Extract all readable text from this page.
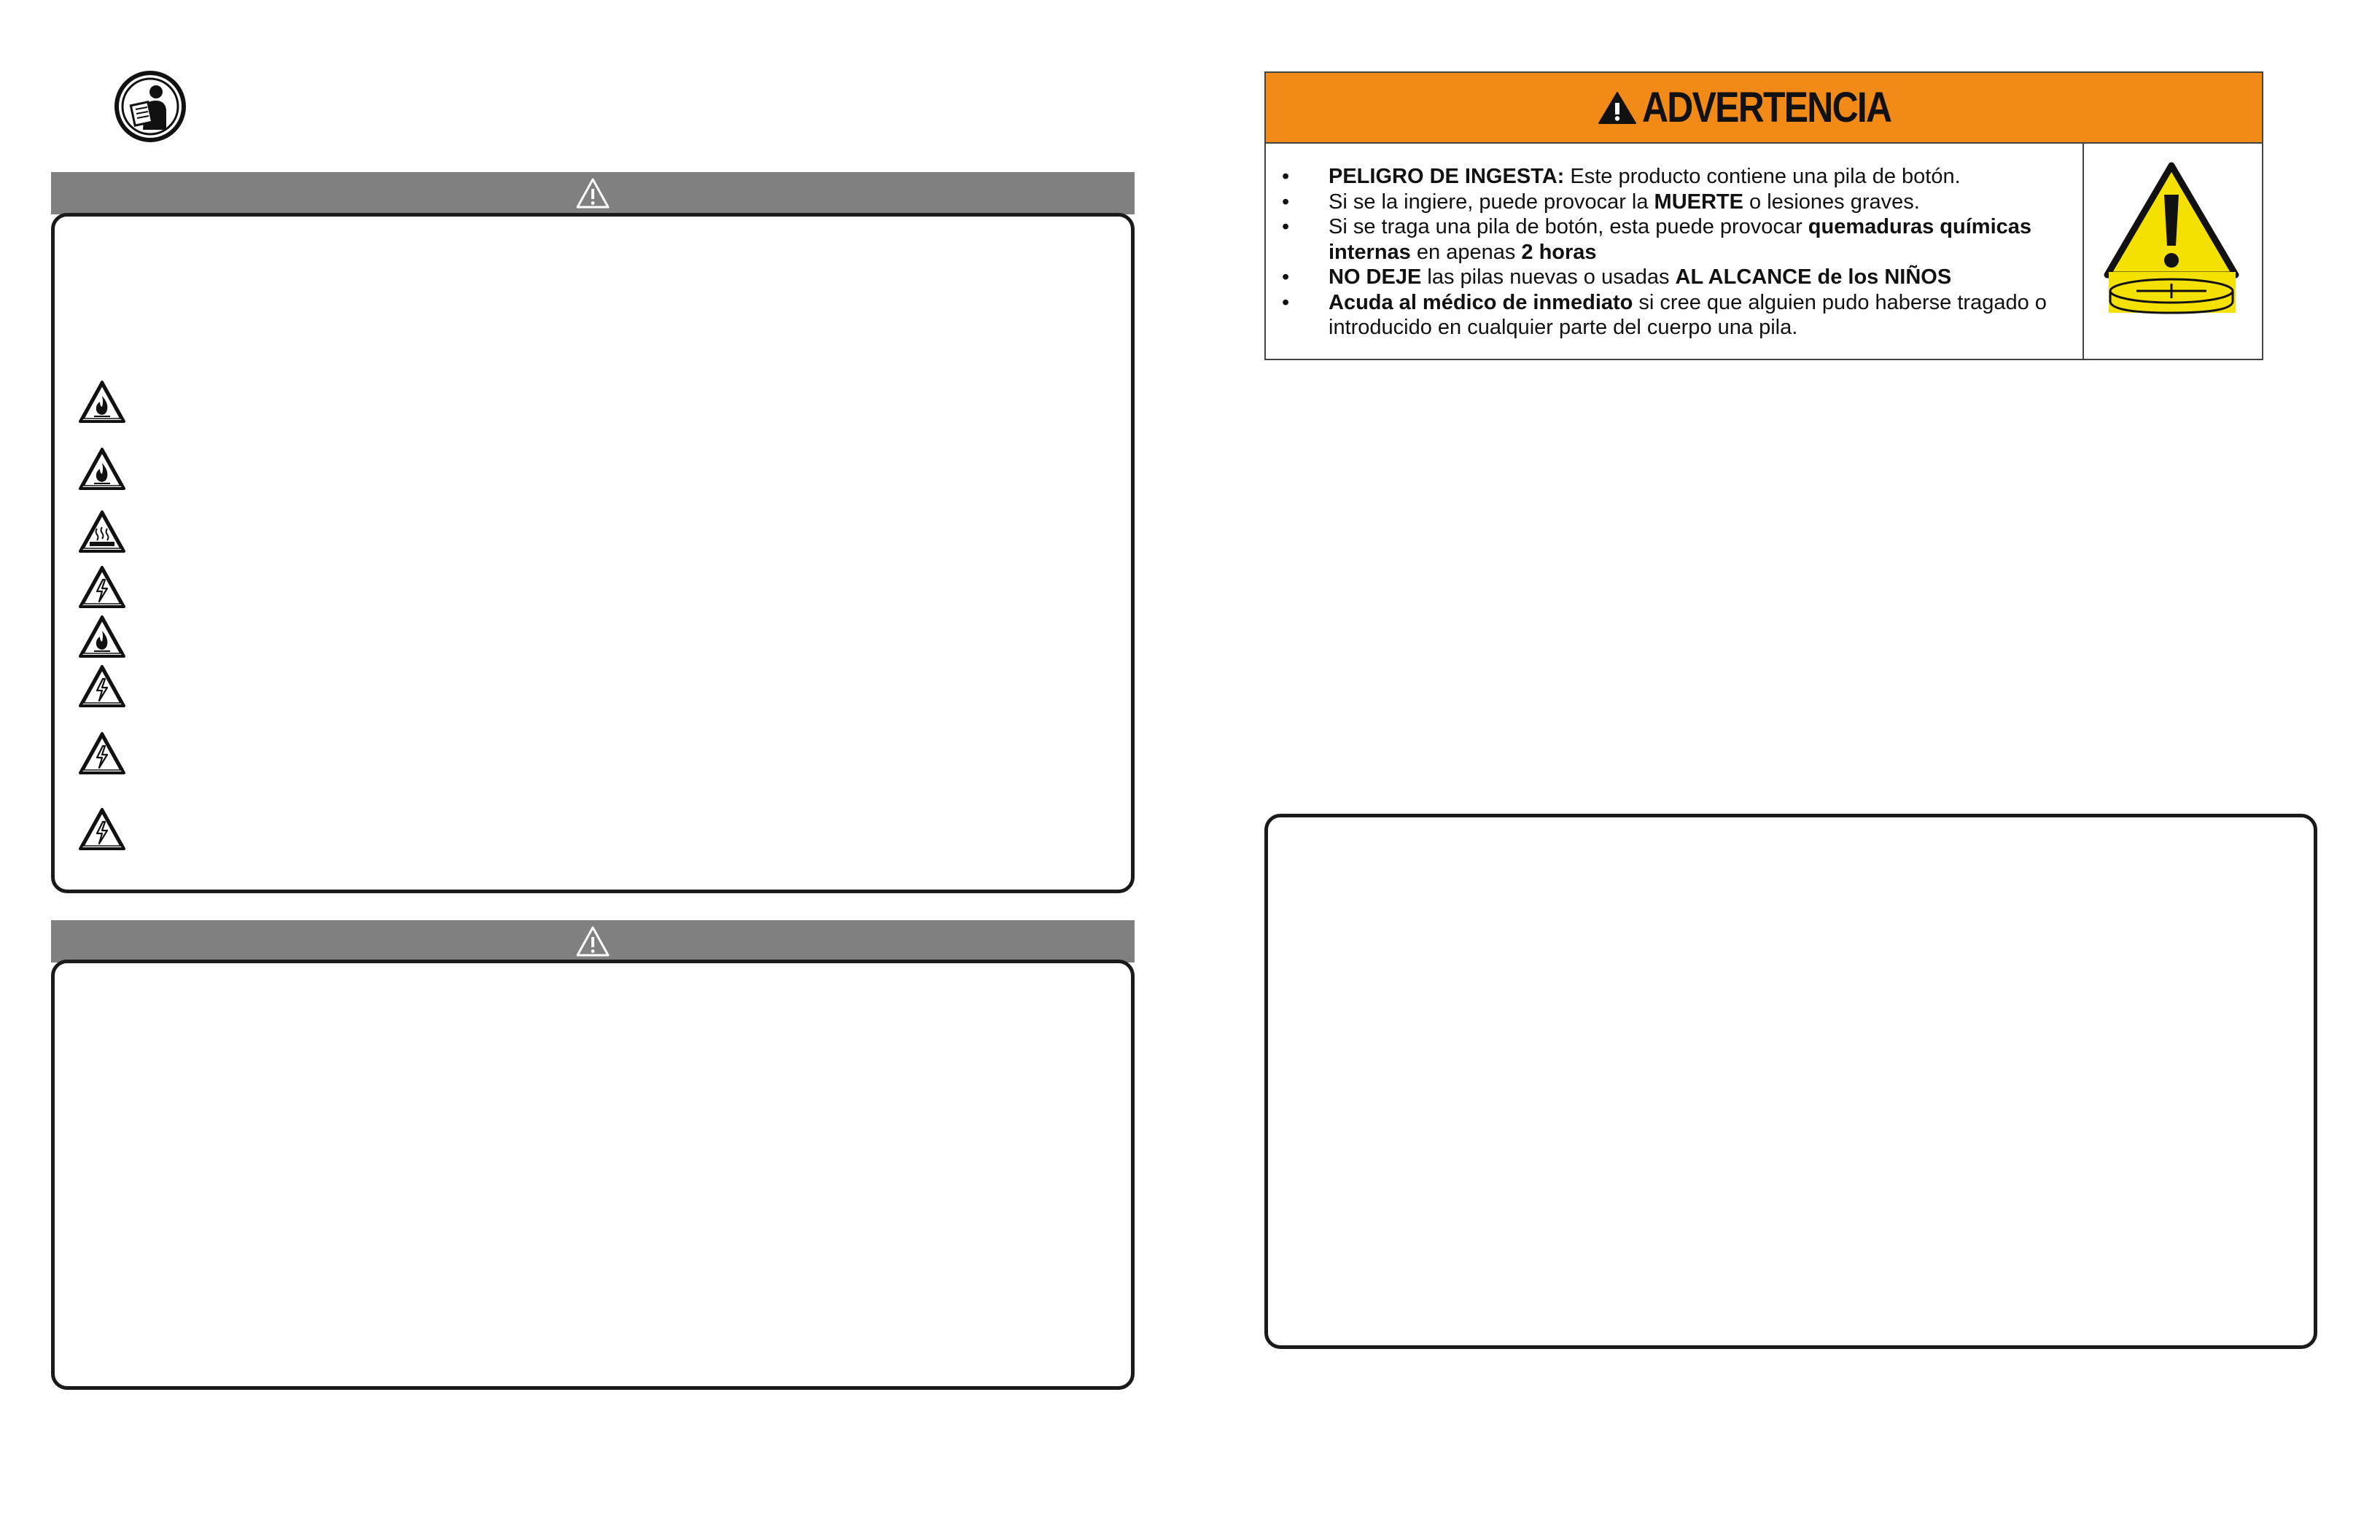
ADVERTENCIA
• PELIGRO DE INGESTA: Este producto contiene una pila de botón.
• Si se la ingiere, puede provocar la MUERTE o lesiones graves.
• Si se traga una pila de botón, esta puede provocar quemaduras químicas internas en apenas 2 horas
• NO DEJE las pilas nuevas o usadas AL ALCANCE de los NIÑOS
• Acuda al médico de inmediato si cree que alguien pudo haberse tragado o introducido en cualquier parte del cuerpo una pila.
